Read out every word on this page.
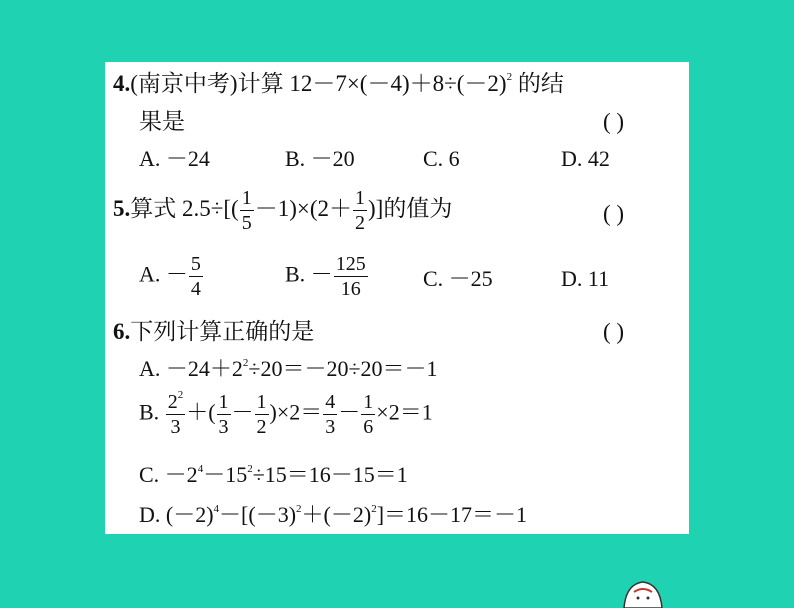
4.(南京中考)计算 $12-7\times(-4)+8\div(-2)^2$ 的结
果是	( )
A. －24	B. －20	C. 6	D. 42
5.算式 $2.5\div[( \frac{1}{5} -1)\times(2+ \frac{1}{2}$ )]的值为	( )
A. － $\frac{5}{4}$	B. － $\frac{125}{16}$	C. －25	D. 11
6.下列计算正确的是	( )
A. $-24+2^2\div 20=-20\div 20=-1$
B. $\frac{2^2}{3}$ ＋( $\frac{1}{3} - \frac{1}{2} )\times 2= \frac{4}{3} - \frac{1}{6} \times 2=1$
C. $-2^4-15^2\div 15=16-15=1$
D. $(-2)^4-[(-3)^2+(-2)^2]=16-17=-1$
